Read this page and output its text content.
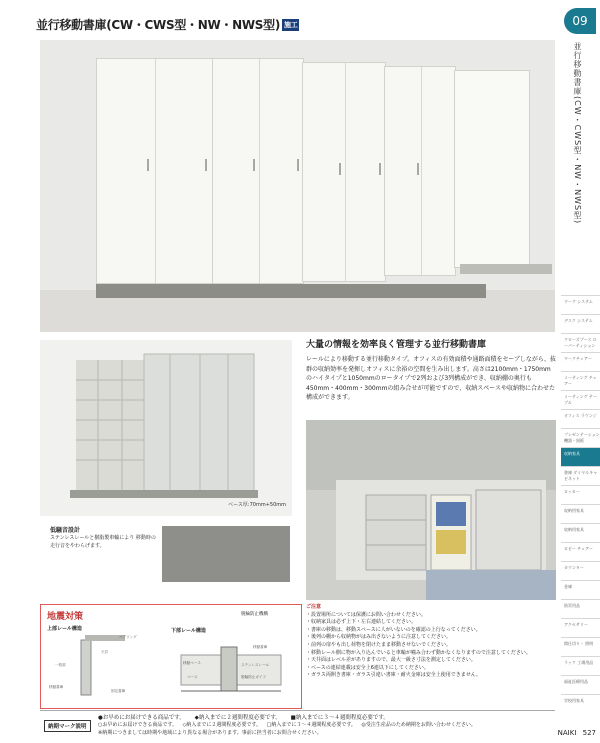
並行移動書庫(CW・CWS型・NW・NWS型) 施工	09
並行移動書庫(CW・CWS型・NW・NWS型)
ワーク システム
デスク システム
クローズブース ローパーティション
ワークチェアー
ミーティング チェアー
ミーティング テーブル
オフィス ラウンジ
プレゼンテーション 機器・黒板
収納家具
書庫 ダイヤルキャビネット
ロッカー
収納用家具
収納用家具
ロビー チェアー
カウンター
金庫
防災用品
アクセサリー
間仕切り・ 照明
ラック 工場用品
福祉医療用品
学校用家具
ベース厚:70mm+50mm
大量の情報を効率良く管理する並行移動書庫
レールにより移動する並行移動タイプ。オフィスの有効面積や通路面積をセーブしながら、抜群の収納効率を発揮しオフィスに余裕の空間を生み出します。高さは2100mm・1750mmのハイタイプと1050mmのロータイプで2列および3列構成ができ、収納棚の奥行も450mm・400mm・300mmの組み合せが可能ですので、収納スペースや収納物に合わせた構成ができます。
低騒音設計
ステンレスレールと樹脂製車輪により 移動時の走行音をやわらげます。
地震対策
上部レール構造	下部レール構造
脱輪防止機構
ベアリング
一枚扉
天井
移動書庫
固定書庫
移動ベース	ステンレスレール
脱輪防止ガイド
ベース
移動書庫
ご注意
・設置場所については保護にお問い合わせください。
・収納家具は必ず上下・左右連結してください。
・書庫の移動は、移動スペースに人がいないのを確認の上行なってください。
・後列の棚から収納物がはみ出さないように注意してください。
・前列の扉やも出し荷物を閉けたまま移動させないでください。
・移動レール側に物が入り込んでいると車輪が噛み合わず動かなくなりますので注意してください。
・天井面はレベル差がありますので、最大一級さ寸法を測定してください。
・ベースの連結連載は安全上6連以下にしてください。
・ガラス両開き書庫・ガラス引違い書庫・耐火金庫は安全上使用できません。
納期マーク説明
●お早めにお届けできる商品です。 ◆納入までに２週間程度必要です。 ■納入までに３〜４週間程度必要です。
○お早めにお届けできる商品です。 ◇納入までに２週間程度必要です。 □納入までに３〜４週間程度必要です。 ◎受注生産品のため納期をお問い合わせください。
※納期につきましては時期や地域により異なる場合があります。事前に担当者にお問合せください。	NAIKI 527
